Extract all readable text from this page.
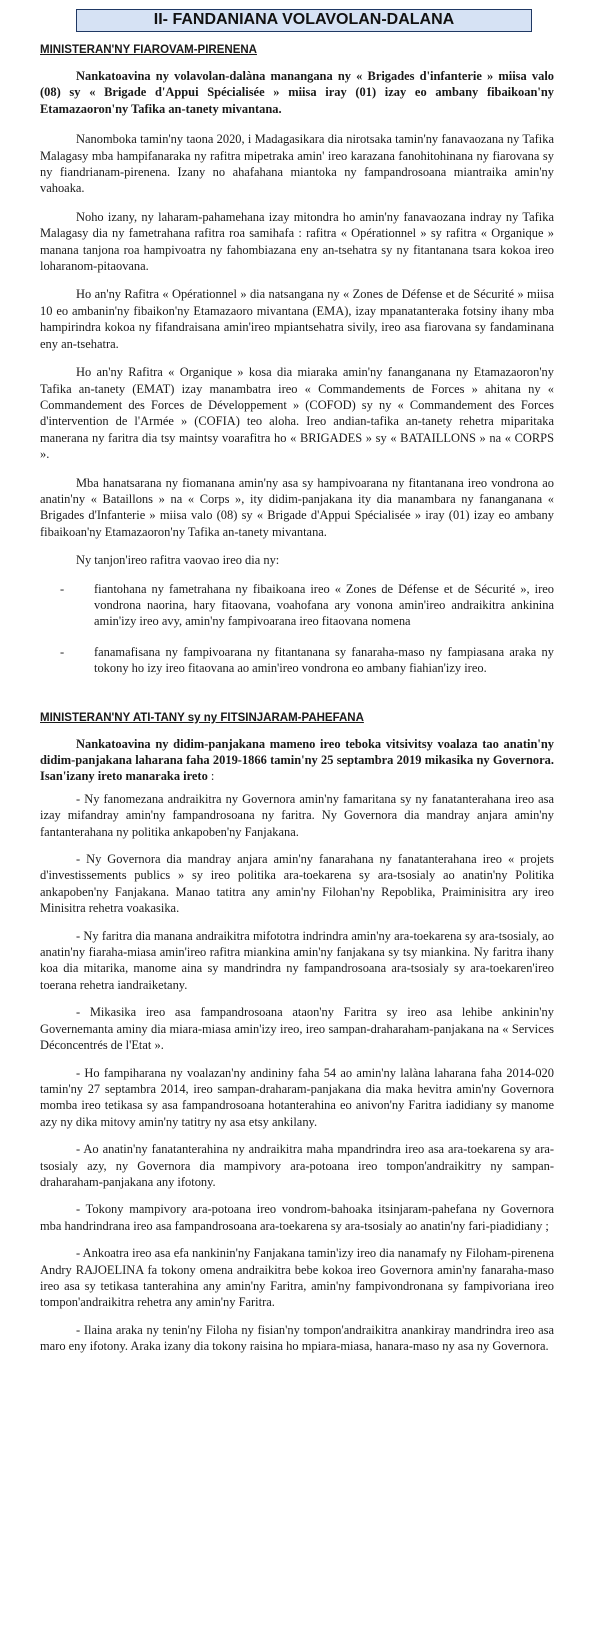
II- FANDANIANA VOLAVOLAN-DALANA
MINISTERAN'NY FIAROVAM-PIRENENA
Nankatoavina ny volavolan-dalàna manangana ny « Brigades d'infanterie » miisa valo (08) sy « Brigade d'Appui Spécialisée » miisa iray (01) izay eo ambany fibaikoan'ny Etamazaoron'ny Tafika an-tanety mivantana.
Nanomboka tamin'ny taona 2020, i Madagasikara dia nirotsaka tamin'ny fanavaozana ny Tafika Malagasy mba hampifanaraka ny rafitra mipetraka amin' ireo karazana fanohitohinana ny fiarovana sy ny fiandrianam-pirenena. Izany no ahafahana miantoka ny fampandrosoana miantraika amin'ny vahoaka.
Noho izany, ny laharam-pahamehana izay mitondra ho amin'ny fanavaozana indray ny Tafika Malagasy dia ny fametrahana rafitra roa samihafa : rafitra « Opérationnel » sy rafitra « Organique » manana tanjona roa hampivoatra ny fahombiazana eny an-tsehatra sy ny fitantanana tsara kokoa ireo loharanom-pitaovana.
Ho an'ny Rafitra « Opérationnel » dia natsangana ny « Zones de Défense et de Sécurité » miisa 10 eo ambanin'ny fibaikon'ny Etamazaoro mivantana (EMA), izay mpanatanteraka fotsiny ihany mba hampirindra kokoa ny fifandraisana amin'ireo mpiantsehatra sivily, ireo asa fiarovana sy fandaminana eny an-tsehatra.
Ho an'ny Rafitra « Organique » kosa dia miaraka amin'ny fananganana ny Etamazaoron'ny Tafika an-tanety (EMAT) izay manambatra ireo « Commandements de Forces » ahitana ny « Commandement des Forces de Développement » (COFOD) sy ny « Commandement des Forces d'intervention de l'Armée » (COFIA) teo aloha. Ireo andian-tafika an-tanety rehetra miparitaka manerana ny faritra dia tsy maintsy voarafitra ho « BRIGADES » sy « BATAILLONS » na « CORPS ».
Mba hanatsarana ny fiomanana amin'ny asa sy hampivoarana ny fitantanana ireo vondrona ao anatin'ny « Bataillons » na « Corps », ity didim-panjakana ity dia manambara ny fananganana « Brigades d'Infanterie » miisa valo (08) sy « Brigade d'Appui Spécialisée » iray (01) izay eo ambany fibaikoan'ny Etamazaoron'ny Tafika an-tanety mivantana.
Ny tanjon'ireo rafitra vaovao ireo dia ny:
-	fiantohana ny fametrahana ny fibaikoana ireo « Zones de Défense et de Sécurité », ireo vondrona naorina, hary fitaovana, voahofana ary vonona amin'ireo andraikitra ankinina amin'izy ireo avy, amin'ny fampivoarana ireo fitaovana nomena
-	fanamafisana ny fampivoarana ny fitantanana sy fanaraha-maso ny fampiasana araka ny tokony ho izy ireo fitaovana ao amin'ireo vondrona eo ambany fiahian'izy ireo.
MINISTERAN'NY ATI-TANY sy ny FITSINJARAM-PAHEFANA
Nankatoavina ny didim-panjakana mameno ireo teboka vitsivitsy voalaza tao anatin'ny didim-panjakana laharana faha 2019-1866 tamin'ny 25 septambra 2019 mikasika ny Governora. Isan'izany ireto manaraka ireto :
- Ny fanomezana andraikitra ny Governora amin'ny famaritana sy ny fanatanterahana ireo asa izay mifandray amin'ny fampandrosoana ny faritra. Ny Governora dia mandray anjara amin'ny fantanterahana ny politika ankapoben'ny Fanjakana.
- Ny Governora dia mandray anjara amin'ny fanarahana ny fanatanterahana ireo « projets d'investissements publics » sy ireo politika ara-toekarena sy ara-tsosialy ao anatin'ny Politika ankapoben'ny Fanjakana. Manao tatitra any amin'ny Filohan'ny Repoblika, Praiminisitra ary ireo Minisitra rehetra voakasika.
- Ny faritra dia manana andraikitra mifototra indrindra amin'ny ara-toekarena sy ara-tsosialy, ao anatin'ny fiaraha-miasa amin'ireo rafitra miankina amin'ny fanjakana sy tsy miankina. Ny faritra ihany koa dia mitarika, manome aina sy mandrindra ny fampandrosoana ara-tsosialy sy ara-toekaren'ireo toerana rehetra iandraiketany.
- Mikasika ireo asa fampandrosoana ataon'ny Faritra sy ireo asa lehibe ankinin'ny Governemanta aminy dia miara-miasa amin'izy ireo, ireo sampan-draharaham-panjakana na « Services Déconcentrés de l'Etat ».
- Ho fampiharana ny voalazan'ny andininy faha 54 ao amin'ny lalàna laharana faha 2014-020 tamin'ny 27 septambra 2014, ireo sampan-draharam-panjakana dia maka hevitra amin'ny Governora momba ireo tetikasa sy asa fampandrosoana hotanterahina eo anivon'ny Faritra iadidiany sy manome azy ny dika mitovy amin'ny tatitry ny asa etsy ankilany.
- Ao anatin'ny fanatanterahina ny andraikitra maha mpandrindra ireo asa ara-toekarena sy ara-tsosialy azy, ny Governora dia mampivory ara-potoana ireo tompon'andraikitry ny sampan-draharaham-panjakana any ifotony.
- Tokony mampivory ara-potoana ireo vondrom-bahoaka itsinjaram-pahefana ny Governora mba handrindrana ireo asa fampandrosoana ara-toekarena sy ara-tsosialy ao anatin'ny fari-piadidiany ;
- Ankoatra ireo asa efa nankinin'ny Fanjakana tamin'izy ireo dia nanamafy ny Filoham-pirenena Andry RAJOELINA fa tokony omena andraikitra bebe kokoa ireo Governora amin'ny fanaraha-maso ireo asa sy tetikasa tanterahina any amin'ny Faritra, amin'ny fampivondronana sy fampivoriana ireo tompon'andraikitra rehetra any amin'ny Faritra.
- Ilaina araka ny tenin'ny Filoha ny fisian'ny tompon'andraikitra anankiray mandrindra ireo asa maro eny ifotony. Araka izany dia tokony raisina ho mpiara-miasa, hanara-maso ny asa ny Governora.
